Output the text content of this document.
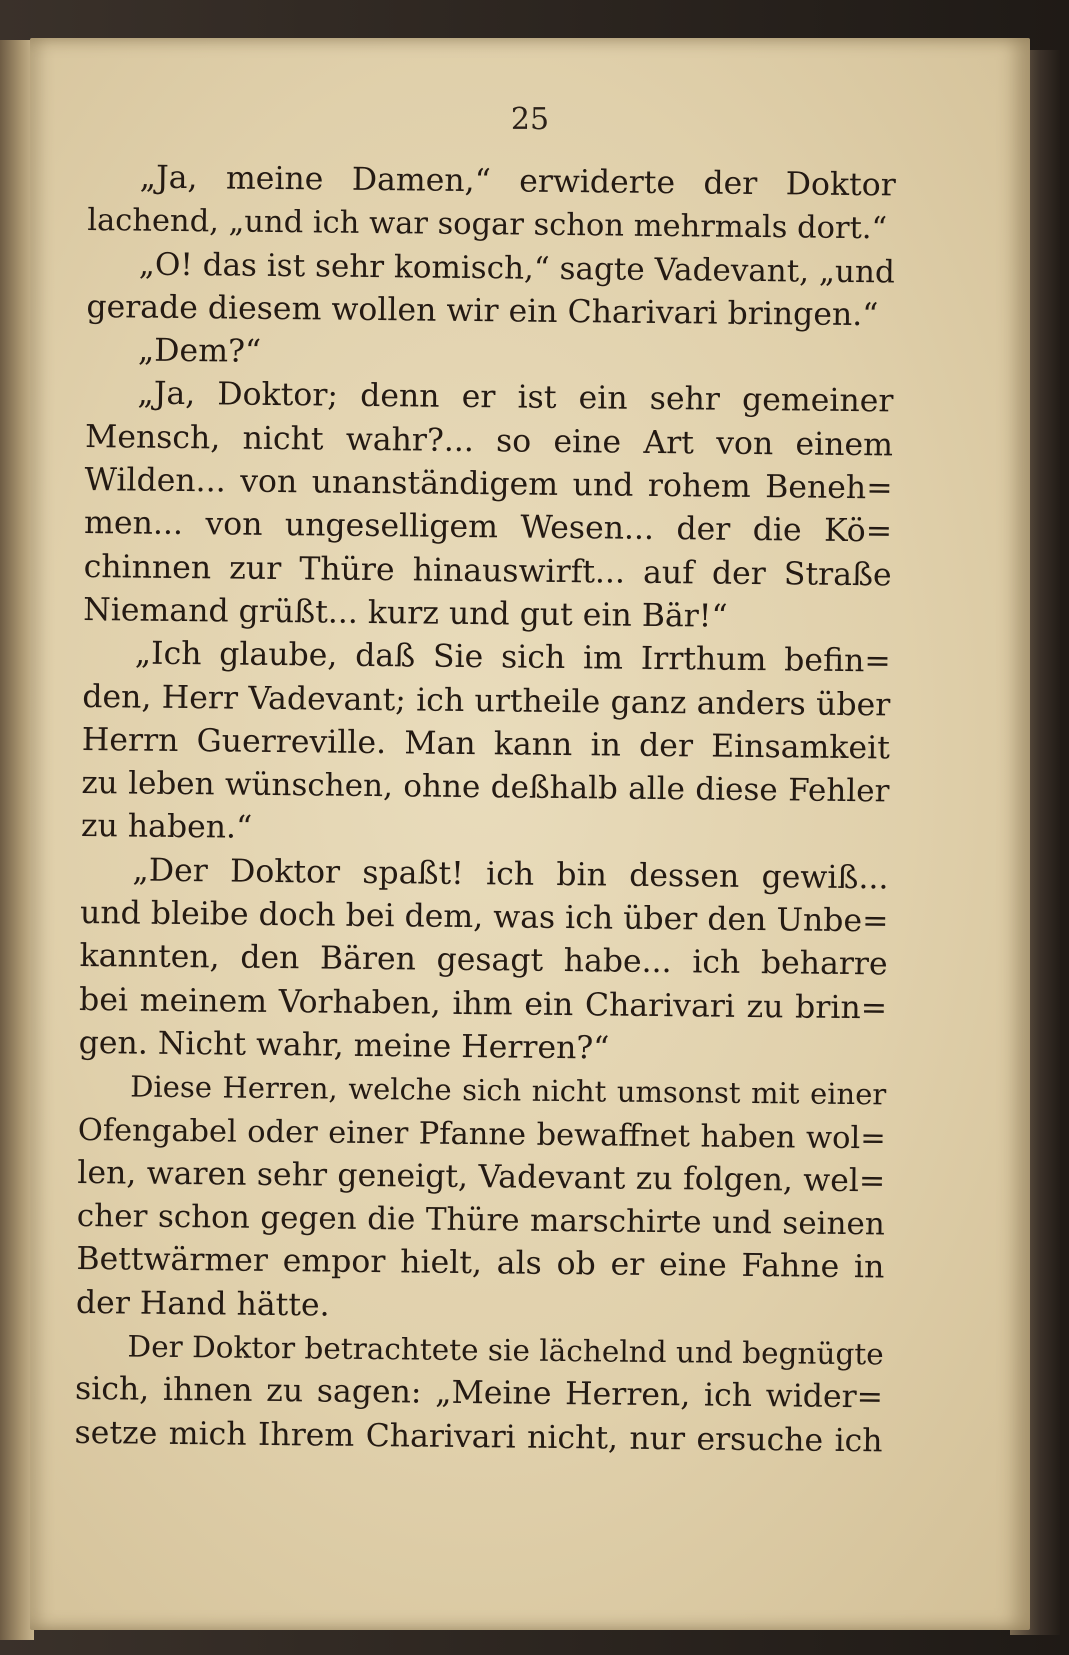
25
„Ja, meine Damen,“ erwiderte der Doktor
lachend, „und ich war sogar schon mehrmals dort.“
„O! das ist sehr komisch,“ sagte Vadevant, „und
gerade diesem wollen wir ein Charivari bringen.“
„Dem?“
„Ja, Doktor; denn er ist ein sehr gemeiner
Mensch, nicht wahr?... so eine Art von einem
Wilden... von unanständigem und rohem Beneh=
men... von ungeselligem Wesen... der die Kö=
chinnen zur Thüre hinauswirft... auf der Straße
Niemand grüßt... kurz und gut ein Bär!“
„Ich glaube, daß Sie sich im Irrthum befin=
den, Herr Vadevant; ich urtheile ganz anders über
Herrn Guerreville. Man kann in der Einsamkeit
zu leben wünschen, ohne deßhalb alle diese Fehler
zu haben.“
„Der Doktor spaßt! ich bin dessen gewiß...
und bleibe doch bei dem, was ich über den Unbe=
kannten, den Bären gesagt habe... ich beharre
bei meinem Vorhaben, ihm ein Charivari zu brin=
gen. Nicht wahr, meine Herren?“
Diese Herren, welche sich nicht umsonst mit einer
Ofengabel oder einer Pfanne bewaffnet haben wol=
len, waren sehr geneigt, Vadevant zu folgen, wel=
cher schon gegen die Thüre marschirte und seinen
Bettwärmer empor hielt, als ob er eine Fahne in
der Hand hätte.
Der Doktor betrachtete sie lächelnd und begnügte
sich, ihnen zu sagen: „Meine Herren, ich wider=
setze mich Ihrem Charivari nicht, nur ersuche ich
